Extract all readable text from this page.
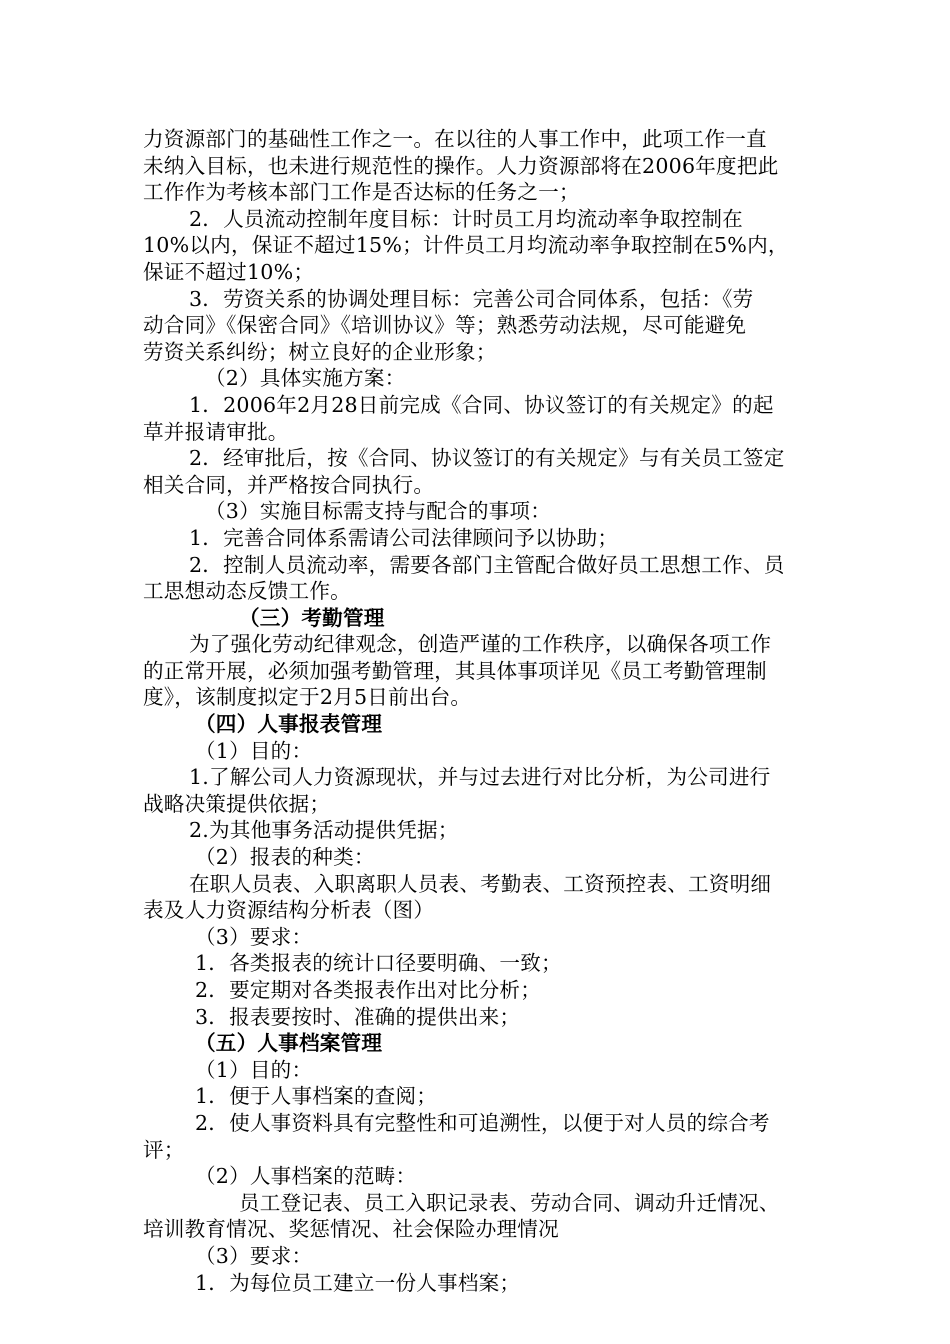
力资源部门的基础性工作之一。在以往的人事工作中，此项工作一直
未纳入目标，也未进行规范性的操作。人力资源部将在2006年度把此
工作作为考核本部门工作是否达标的任务之一；
2．人员流动控制年度目标：计时员工月均流动率争取控制在
10%以内，保证不超过15%；计件员工月均流动率争取控制在5%内，
保证不超过10%；
3．劳资关系的协调处理目标：完善公司合同体系，包括：《劳
动合同》《保密合同》《培训协议》等；熟悉劳动法规，尽可能避免
劳资关系纠纷；树立良好的企业形象；
（2）具体实施方案：
1．2006年2月28日前完成《合同、协议签订的有关规定》的起
草并报请审批。
2．经审批后，按《合同、协议签订的有关规定》与有关员工签定
相关合同，并严格按合同执行。
（3）实施目标需支持与配合的事项：
1．完善合同体系需请公司法律顾问予以协助；
2．控制人员流动率，需要各部门主管配合做好员工思想工作、员
工思想动态反馈工作。
（三）考勤管理
为了强化劳动纪律观念，创造严谨的工作秩序，以确保各项工作
的正常开展，必须加强考勤管理，其具体事项详见《员工考勤管理制
度》，该制度拟定于2月5日前出台。
（四）人事报表管理
（1）目的：
1.了解公司人力资源现状，并与过去进行对比分析，为公司进行
战略决策提供依据；
2.为其他事务活动提供凭据；
（2）报表的种类：
在职人员表、入职离职人员表、考勤表、工资预控表、工资明细
表及人力资源结构分析表（图）
（3）要求：
1．各类报表的统计口径要明确、一致；
2．要定期对各类报表作出对比分析；
3．报表要按时、准确的提供出来；
（五）人事档案管理
（1）目的：
1．便于人事档案的查阅；
2．使人事资料具有完整性和可追溯性，以便于对人员的综合考
评；
（2）人事档案的范畴：
员工登记表、员工入职记录表、劳动合同、调动升迁情况、
培训教育情况、奖惩情况、社会保险办理情况
（3）要求：
1．为每位员工建立一份人事档案；
